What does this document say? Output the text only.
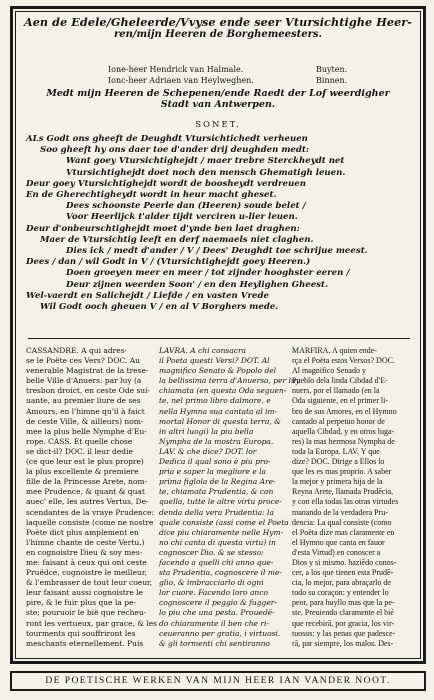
Aen de Edele/Gheleerde/Vvyse ende seer Vtursichtighe Heer-
ren/mijn Heeren de Borghemeesters.
Ione-heer Hendrick van Halmale.	Buyten.
Ionc-heer Adriaen van Heylweghen.	Binnen.
Medt mijn Heeren de Schepenen/ende Raedt der Lof weerdigher
Stadt van Antwerpen.
SONET.
ALs Godt ons gheeft de Deughdt Vtursichtichedt verheuen
Soo gheeft hy ons daer toe d'ander drij deughden medt:
Want goey Vtursichtighejdt / maer trebre Sterckheydt net
Vtursichtighejdt doet noch den mensch Ghematigh leuen.
Deur goey Vtursichtighejdt wordt de boosheydt verdreuen
En de Gherechtigheydt wordt in heur macht gheset.
Dees schoonste Peerle dan (Heeren) soude belet /
Voor Heerlijck t'alder tijdt verciren u-lier leuen.
Deur d'onbeurschtighejdt moet d'ynde ben laet draghen:
Maer de Vtursichtig leeft en derf naemaels niet claghen.
Dies ick / medt d'ander / V / Dees' Deughdt toe schrijue meest.
Dees / dan / wil Godt in V / (Vtursichtighejdt goey Heeren.)
Doen groeyen meer en meer / tot zijnder hooghster eeren /
Deur zijnen weerden Soon' / en den Heylighen Gheest.
Wel-vaerdt en Salichejdt / Liefde / en vasten Vrede
Wil Godt ooch gheuen V / en al V Borghers mede.
CASSANDRE. A qui adres-
se le Poëte ces Vers? DOC. Au
venerable Magistrat de la trese-
belle Ville d'Anuers: par luy (a
tresbon droict, en ceste Ode sui-
uante, au premier liure de ses
Amours, en l'himne qu'il à faict
de ceste Ville, & ailleurs) nom-
mee la plus belle Nymphe d'Eu-
rope. CASS. Et quelle chose
se dict-il? DOC. il leur dedie
(ce que leur est le plus propre)
la plus excellente & premiere
fille de la Princesse Arete, nom-
mee Prudence, & quant & quat
auec' elle, les autres Vertus, De-
scendantes de la vraye Prudence:
laquelle consiste (come ne nostre
Poëte dict plus amplement en
l'himne chante de ceste Vertu.)
en cognoistre Dieu & soy mes-
me: faisant à ceux qui ont ceste
Pruëdce, cognoistre le meilleur,
& l'embrasser de tout leur coeur,
leur faisant aussi cognoistre le
pire, & le fuir plus que la pe-
ste; pouruoir le bië que recheu-
ront les vertueux, par grace, & les
tourments qui souffriront les
meschants eternellement. Puis
LAVRA. A chi consacra
il Poeta questi Versi? DOT. Al
magnifico Senato & Popolo del
la bellissima terra d'Anuersa, per luy
chiamata (en questa Oda seguen-
te, nel primo libro dalmore, e
nella Hymna sua cantata al im-
mortal Honor di questa terra, &
in altri luogi) la piu bella
Nympha de la mostra Europa.
LAV. & che dice? DOT. lor
Dedica il qual sono è piu pro-
pria e saper la megliore e la
prima figlola de la Regina Are-
te, chiamata Prudentia, & con
quella, tutte le altre virtu proce-
denda della vera Prudentia: la
quale consiste (assi come el Poeta
dice piu chiaramente nelle Hym-
no chi canta di questa virtu) in
cognoscer Dio. & se stesso:
facendo a quelli chi anno que-
sta Prudentia, cognoscere il me-
glio, & imbracciarlo di ogni
lor cuore. Facendo loro anco
cognoscere il peggio & fugger-
lo piu che una pesta. Prouedē-
do chiaramente il ben che ri-
ceueranno per gratia, i virtuosi.
& gli tormenti chi sentiranno
MARFIRA. A quien ende-
rça el Poëta estos Versos? DOC.
Al magnifico Senado y
Pueblo dela linda Cibdad d'E-
nuers, por el llamado (en la
Oda siguiente, en el primer li-
bro de sus Amores, en el Hymno
cantado al perpetuo honor de
aquella Cibdad, y en otros luga-
res) la mas hermosa Nympha de
toda la Europa. LAV. Y que
dize? DOC. Dirige a Ellos lo
que les es mas proprio. A saber
la mejor y primera hija de la
Reyna Arete, llamada Prudēcia,
y con ella todas las otras virtudes
manando de la verdadera Pru-
dencia: La qual consiste (como
el Poëta dize mas claramente en
el Hymno que canta en fauor
d'esta Virtud) en conoscer a
Dios y si mismo. haziēdo conos-
cer, a los que tienen esta Prudē-
cia, lo mejor, para abraçarlo de
todo su coraçon: y entender lo
peor, para huyllo mas que la pe-
ste. Preuiendo claramente el bié
que recebirā, por gracia, los vir-
tuosos: y las penas que padesce-
rā, par siempre, los malos. Des-
DE POETISCHE WERKEN VAN MIJN HEER IAN VANDER NOOT.
